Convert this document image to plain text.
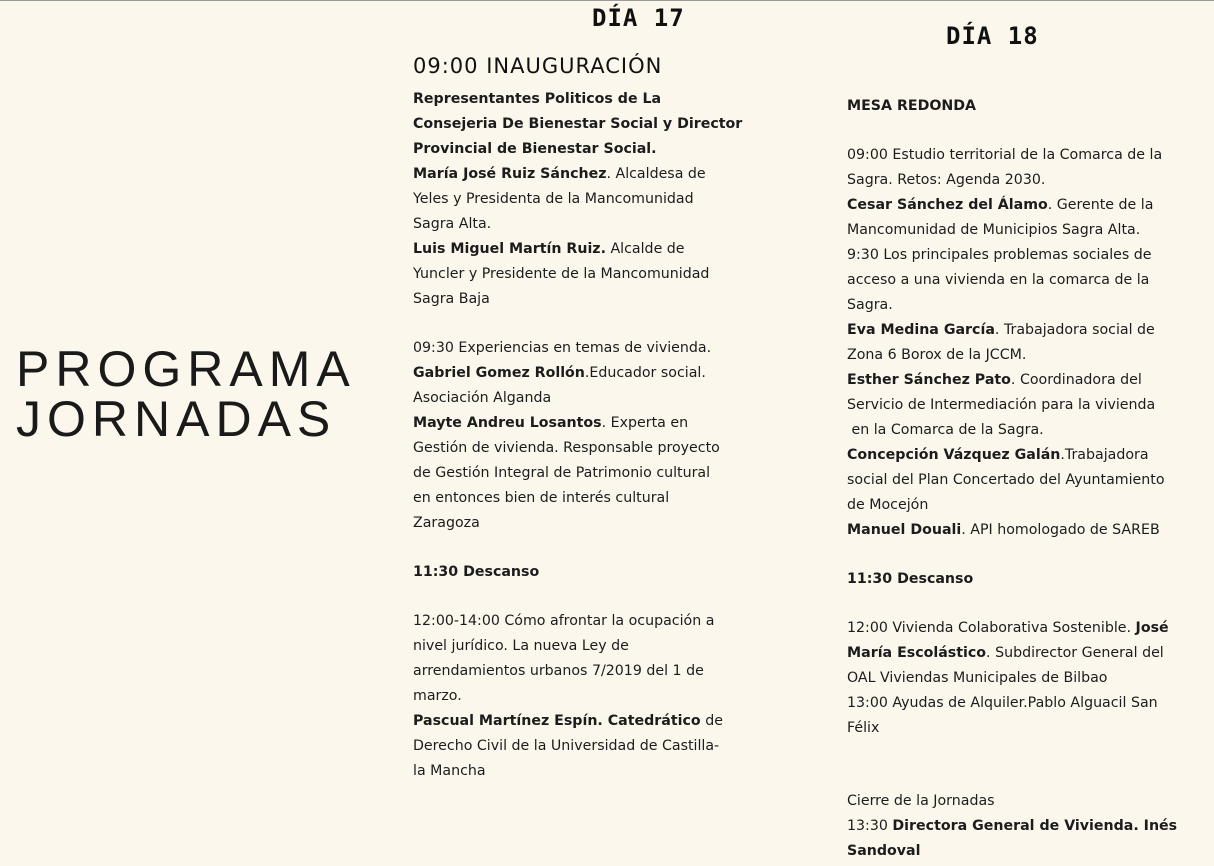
PROGRAMA
JORNADAS
DÍA 17
DÍA 18
09:00 INAUGURACIÓN

Representantes Politicos de La

Consejeria De Bienestar Social y Director

Provincial de Bienestar Social.

María José Ruiz Sánchez. Alcaldesa de

Yeles y Presidenta de la Mancomunidad

Sagra Alta.

Luis Miguel Martín Ruiz. Alcalde de

Yuncler y Presidente de la Mancomunidad

Sagra Baja

09:30 Experiencias en temas de vivienda.

Gabriel Gomez Rollón.Educador social.

Asociación Alganda

Mayte Andreu Losantos. Experta en

Gestión de vivienda. Responsable proyecto

de Gestión Integral de Patrimonio cultural

en entonces bien de interés cultural

Zaragoza

11:30 Descanso

12:00-14:00 Cómo afrontar la ocupación a

nivel jurídico. La nueva Ley de

arrendamientos urbanos 7/2019 del 1 de

marzo.

Pascual Martínez Espín. Catedrático de

Derecho Civil de la Universidad de Castilla-

la Mancha

MESA REDONDA

09:00 Estudio territorial de la Comarca de la

Sagra. Retos: Agenda 2030.

Cesar Sánchez del Álamo. Gerente de la

Mancomunidad de Municipios Sagra Alta.

9:30 Los principales problemas sociales de

acceso a una vivienda en la comarca de la

Sagra.

Eva Medina García. Trabajadora social de

Zona 6 Borox de la JCCM.

Esther Sánchez Pato. Coordinadora del

Servicio de Intermediación para la vivienda

en la Comarca de la Sagra.

Concepción Vázquez Galán.Trabajadora

social del Plan Concertado del Ayuntamiento

de Mocejón

Manuel Douali. API homologado de SAREB

11:30 Descanso

12:00 Vivienda Colaborativa Sostenible. José

María Escolástico. Subdirector General del

OAL Viviendas Municipales de Bilbao

13:00 Ayudas de Alquiler.Pablo Alguacil San

Félix

Cierre de la Jornadas

13:30 Directora General de Vivienda. Inés

Sandoval
